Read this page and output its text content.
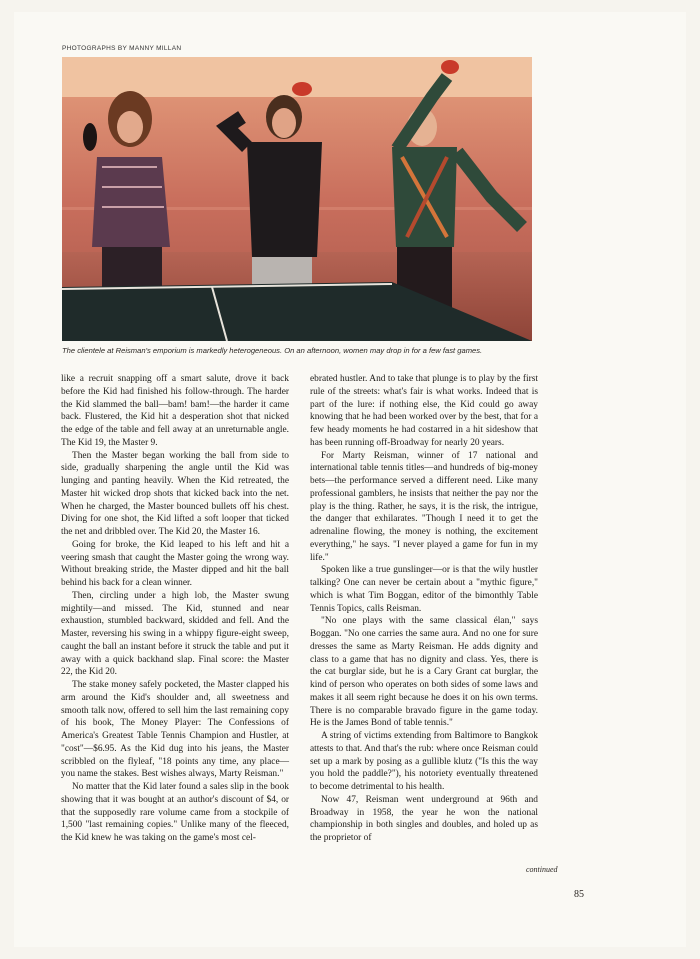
PHOTOGRAPHS BY MANNY MILLAN
The clientele at Reisman's emporium is markedly heterogeneous. On an afternoon, women may drop in for a few fast games.

like a recruit snapping off a smart salute, drove it back before the Kid had finished his follow-through. The harder the Kid slammed the ball—bam! bam!—the harder it came back. Flustered, the Kid hit a desperation shot that nicked the edge of the table and fell away at an unreturnable angle. The Kid 19, the Master 9.

Then the Master began working the ball from side to side, gradually sharpening the angle until the Kid was lunging and panting heavily. When the Kid retreated, the Master hit wicked drop shots that kicked back into the net. When he charged, the Master bounced bullets off his chest. Diving for one shot, the Kid lifted a soft looper that ticked the net and dribbled over. The Kid 20, the Master 16.

Going for broke, the Kid leaped to his left and hit a veering smash that caught the Master going the wrong way. Without breaking stride, the Master dipped and hit the ball behind his back for a clean winner.

Then, circling under a high lob, the Master swung mightily—and missed. The Kid, stunned and near exhaustion, stumbled backward, skidded and fell. And the Master, reversing his swing in a whippy figure-eight sweep, caught the ball an instant before it struck the table and put it away with a quick backhand slap. Final score: the Master 22, the Kid 20.

The stake money safely pocketed, the Master clapped his arm around the Kid's shoulder and, all sweetness and smooth talk now, offered to sell him the last remaining copy of his book, The Money Player: The Confessions of America's Greatest Table Tennis Champion and Hustler, at "cost"—$6.95. As the Kid dug into his jeans, the Master scribbled on the flyleaf, "18 points any time, any place—you name the stakes. Best wishes always, Marty Reisman."

No matter that the Kid later found a sales slip in the book showing that it was bought at an author's discount of $4, or that the supposedly rare volume came from a stockpile of 1,500 "last remaining copies." Unlike many of the fleeced, the Kid knew he was taking on the game's most cel-

ebrated hustler. And to take that plunge is to play by the first rule of the streets: what's fair is what works. Indeed that is part of the lure: if nothing else, the Kid could go away knowing that he had been worked over by the best, that for a few heady moments he had costarred in a hit sideshow that has been running off-Broadway for nearly 20 years.

For Marty Reisman, winner of 17 national and international table tennis titles—and hundreds of big-money bets—the performance served a different need. Like many professional gamblers, he insists that neither the pay nor the play is the thing. Rather, he says, it is the risk, the intrigue, the danger that exhilarates. "Though I need it to get the adrenaline flowing, the money is nothing, the excitement everything," he says. "I never played a game for fun in my life."

Spoken like a true gunslinger—or is that the wily hustler talking? One can never be certain about a "mythic figure," which is what Tim Boggan, editor of the bimonthly Table Tennis Topics, calls Reisman.

"No one plays with the same classical élan," says Boggan. "No one carries the same aura. And no one for sure dresses the same as Marty Reisman. He adds dignity and class to a game that has no dignity and class. Yes, there is the cat burglar side, but he is a Cary Grant cat burglar, the kind of person who operates on both sides of some laws and makes it all seem right because he does it on his own terms. There is no comparable bravado figure in the game today. He is the James Bond of table tennis."

A string of victims extending from Baltimore to Bangkok attests to that. And that's the rub: where once Reisman could set up a mark by posing as a gullible klutz ("Is this the way you hold the paddle?"), his notoriety eventually threatened to become detrimental to his health.

Now 47, Reisman went underground at 96th and Broadway in 1958, the year he won the national championship in both singles and doubles, and holed up as the proprietor of

continued
85
